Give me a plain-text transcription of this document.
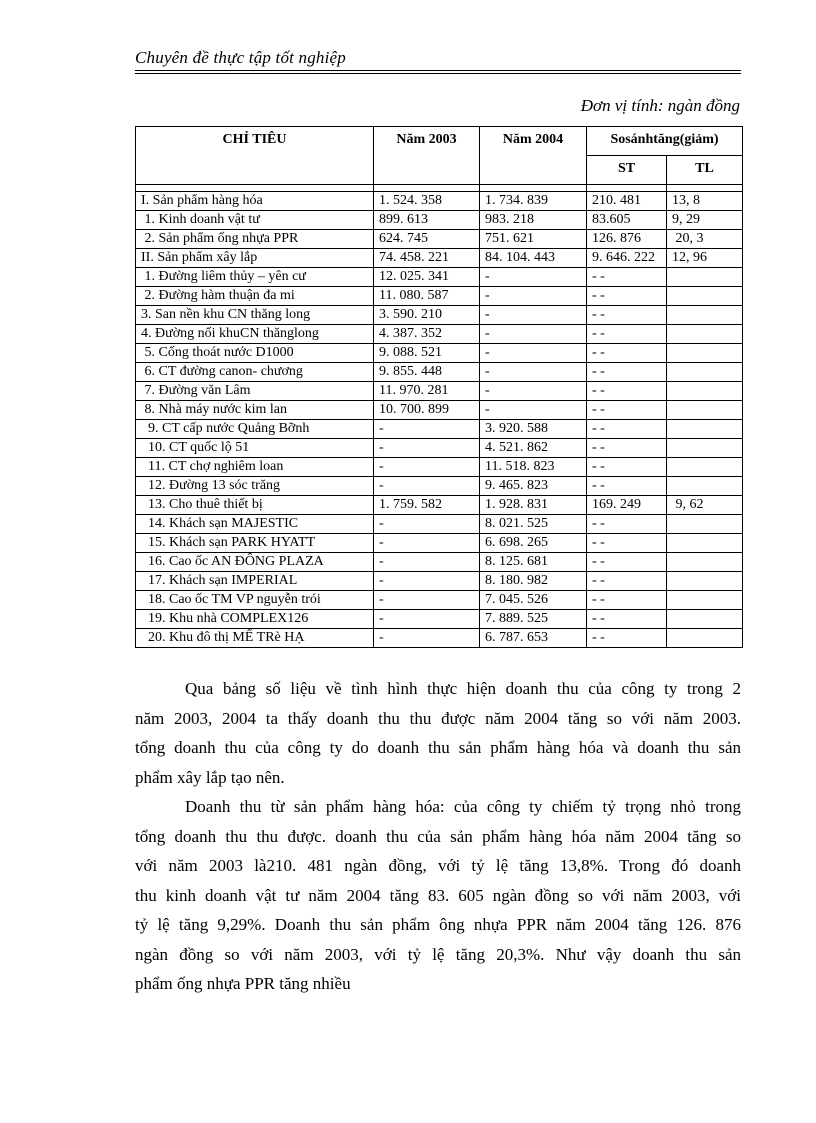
Chuyên đề thực tập tốt nghiệp
Đơn vị tính: ngàn đồng
CHỈ TIÊU	Năm 2003	Năm 2004	Sosánhtăng(giảm)	
			ST	TL

I. Sản phẩm hàng hóa	1. 524. 358	1. 734. 839	210. 481	13, 8
1. Kinh doanh vật tư	899. 613	983. 218	83.605	9, 29
2. Sản phẩm ống nhựa PPR	624. 745	751. 621	126. 876	20, 3
II. Sản phẩm xây lắp	74. 458. 221	84. 104. 443	9. 646. 222	12, 96
1. Đường liêm thủy – yên cư	12. 025. 341	-	- -	
2. Đường hàm thuận đa mi	11. 080. 587	-	- -	
3. San nền khu CN thăng long	3. 590. 210	-	- -	
4. Đường nối khuCN thănglong	4. 387. 352	-	- -	
5. Cống thoát nước D1000	9. 088. 521	-	- -	
6. CT đường canon- chương	9. 855. 448	-	- -	
7. Đường văn Lâm	11. 970. 281	-	- -	
8. Nhà máy nước kim lan	10. 700. 899	-	- -	
9. CT cấp nước Quảng Bỡnh	-	3. 920. 588	- -	
10. CT quốc lộ 51	-	4. 521. 862	- -	
11. CT chợ nghiêm loan	-	11. 518. 823	- -	
12. Đường 13 sóc trăng	-	9. 465. 823	- -	
13. Cho thuê thiết bị	1. 759. 582	1. 928. 831	169. 249	9, 62
14. Khách sạn MAJESTIC	-	8. 021. 525	- -	
15. Khách sạn PARK HYATT	-	6. 698. 265	- -	
16. Cao ốc AN ĐÔNG PLAZA	-	8. 125. 681	- -	
17. Khách sạn IMPERIAL	-	8. 180. 982	- -	
18. Cao ốc TM VP nguyễn trói	-	7. 045. 526	- -	
19. Khu nhà COMPLEX126	-	7. 889. 525	- -	
20. Khu đô thị MẾ TRè HẠ	-	6. 787. 653	- -	
Qua bảng số liệu về tình hình thực hiện doanh thu của công ty trong 2
năm 2003, 2004 ta thấy doanh thu thu được năm 2004 tăng so với năm 2003.
tổng doanh thu của công ty do doanh thu sản phẩm hàng hóa và doanh thu sản
phẩm xây lắp tạo nên.
Doanh thu từ sản phẩm hàng hóa: của công ty chiếm tỷ trọng nhỏ trong
tổng doanh thu thu được. doanh thu của sản phẩm hàng hóa năm 2004 tăng so
với năm 2003 là210. 481 ngàn đồng, với tỷ lệ tăng 13,8%. Trong đó doanh
thu kinh doanh vật tư năm 2004 tăng 83. 605 ngàn đồng so với năm 2003, với
tỷ lệ tăng 9,29%. Doanh thu sản phẩm ông nhựa PPR năm 2004 tăng 126. 876
ngàn đồng so với năm 2003, với tỷ lệ tăng 20,3%. Như vậy doanh thu sản
phẩm ống nhựa PPR tăng nhiều
